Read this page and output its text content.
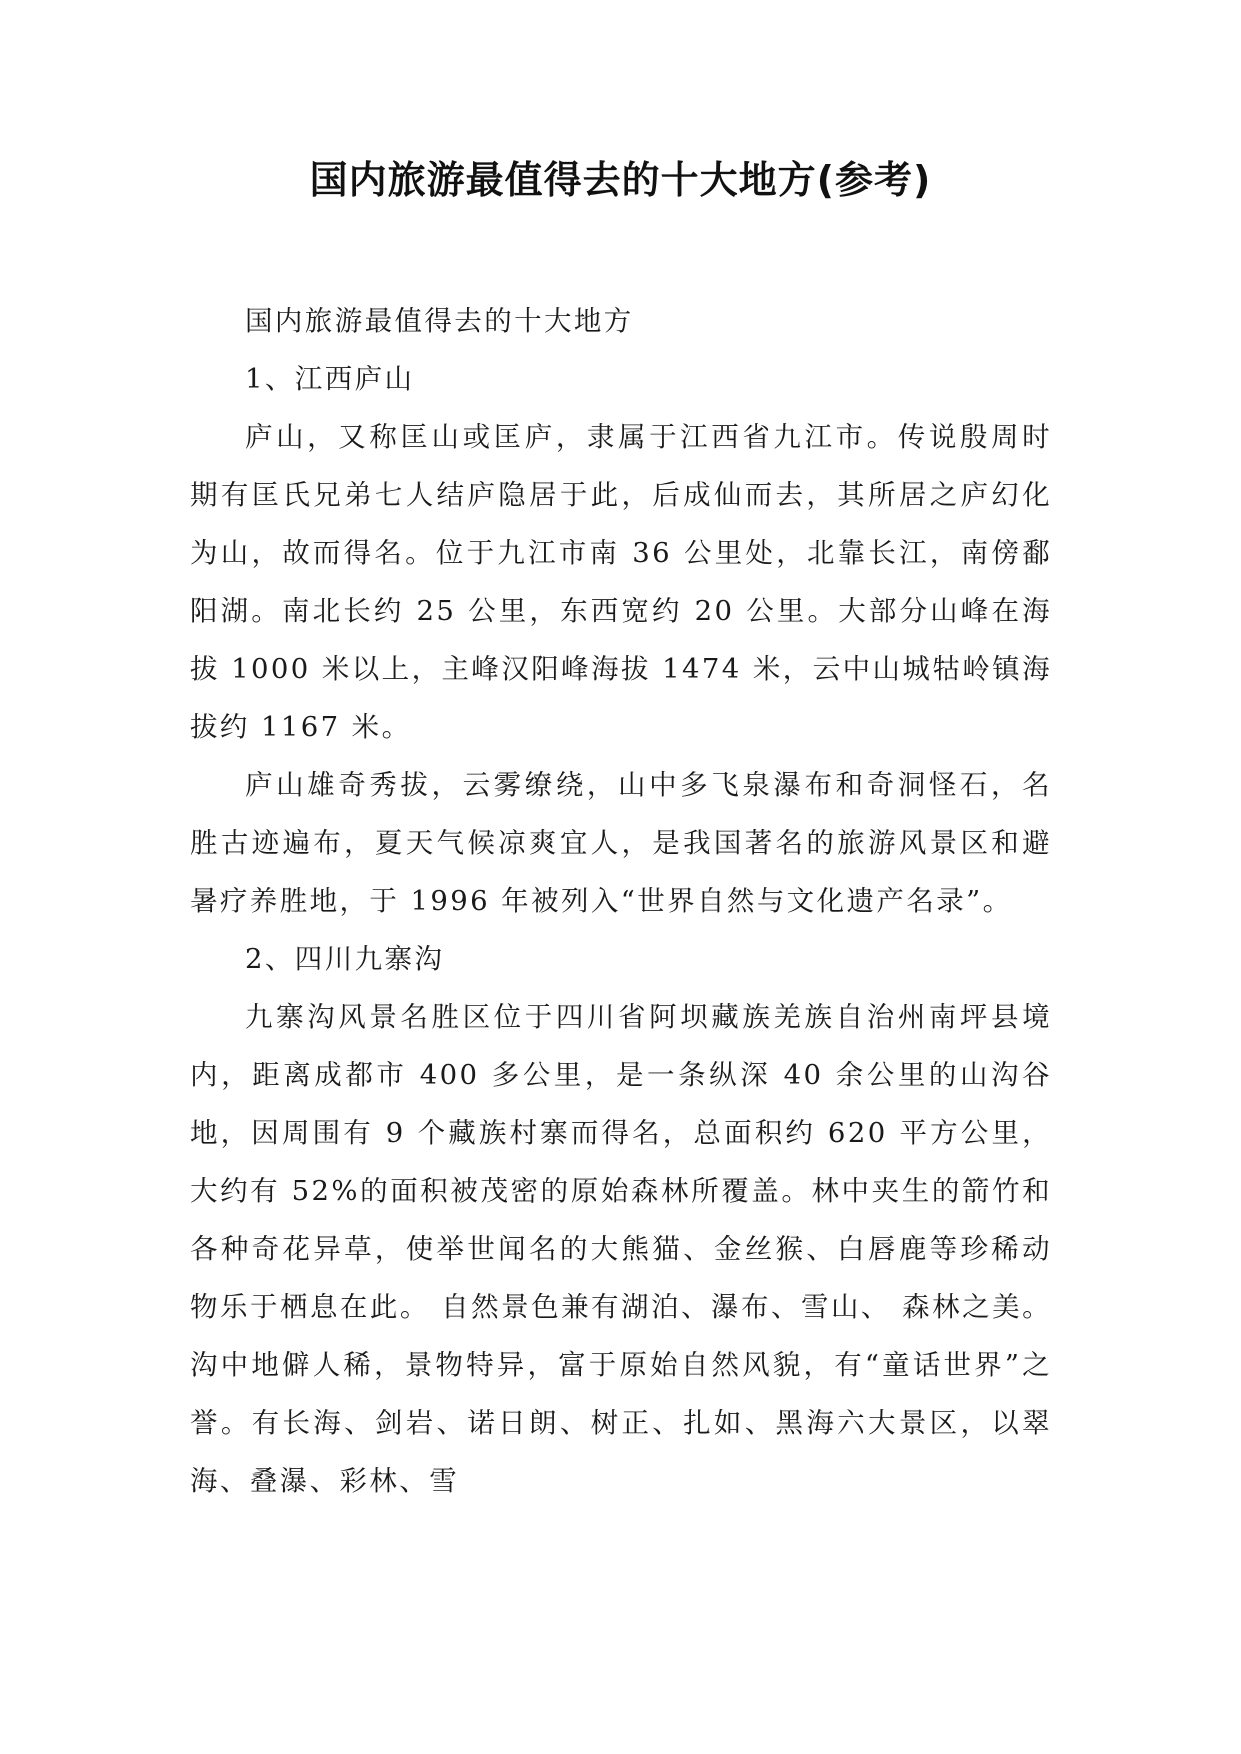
国内旅游最值得去的十大地方(参考)

国内旅游最值得去的十大地方

1、江西庐山

庐山，又称匡山或匡庐，隶属于江西省九江市。传说殷周时期有匡氏兄弟七人结庐隐居于此，后成仙而去，其所居之庐幻化为山，故而得名。位于九江市南 36 公里处，北靠长江，南傍鄱阳湖。南北长约 25 公里，东西宽约 20 公里。大部分山峰在海拔 1000 米以上，主峰汉阳峰海拔 1474 米，云中山城牯岭镇海拔约 1167 米。

庐山雄奇秀拔，云雾缭绕，山中多飞泉瀑布和奇洞怪石，名胜古迹遍布，夏天气候凉爽宜人，是我国著名的旅游风景区和避暑疗养胜地，于 1996 年被列入“世界自然与文化遗产名录”。

2、四川九寨沟

九寨沟风景名胜区位于四川省阿坝藏族羌族自治州南坪县境内，距离成都市 400 多公里，是一条纵深 40 余公里的山沟谷地，因周围有 9 个藏族村寨而得名，总面积约 620 平方公里，大约有 52%的面积被茂密的原始森林所覆盖。林中夹生的箭竹和各种奇花异草，使举世闻名的大熊猫、金丝猴、白唇鹿等珍稀动物乐于栖息在此。 自然景色兼有湖泊、瀑布、雪山、 森林之美。沟中地僻人稀，景物特异，富于原始自然风貌，有“童话世界”之誉。有长海、剑岩、诺日朗、树正、扎如、黑海六大景区，以翠海、叠瀑、彩林、雪
